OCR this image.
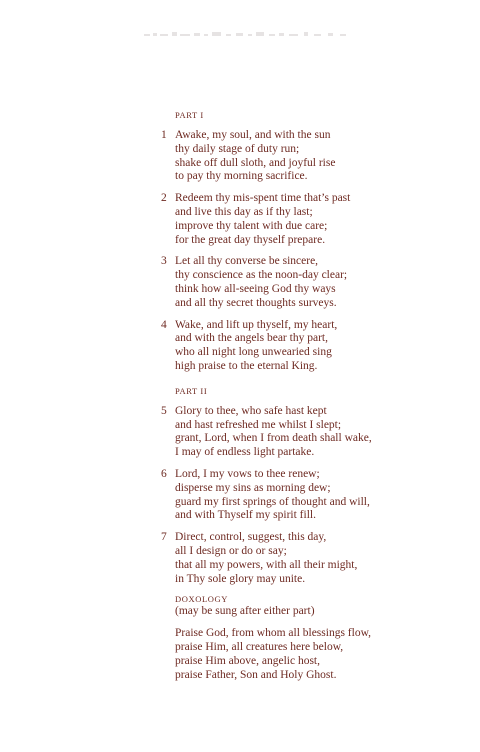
PART I
1 Awake, my soul, and with the sun
thy daily stage of duty run;
shake off dull sloth, and joyful rise
to pay thy morning sacrifice.
2 Redeem thy mis-spent time that’s past
and live this day as if thy last;
improve thy talent with due care;
for the great day thyself prepare.
3 Let all thy converse be sincere,
thy conscience as the noon-day clear;
think how all-seeing God thy ways
and all thy secret thoughts surveys.
4 Wake, and lift up thyself, my heart,
and with the angels bear thy part,
who all night long unwearied sing
high praise to the eternal King.
PART II
5 Glory to thee, who safe hast kept
and hast refreshed me whilst I slept;
grant, Lord, when I from death shall wake,
I may of endless light partake.
6 Lord, I my vows to thee renew;
disperse my sins as morning dew;
guard my first springs of thought and will,
and with Thyself my spirit fill.
7 Direct, control, suggest, this day,
all I design or do or say;
that all my powers, with all their might,
in Thy sole glory may unite.
DOXOLOGY
(may be sung after either part)
Praise God, from whom all blessings flow,
praise Him, all creatures here below,
praise Him above, angelic host,
praise Father, Son and Holy Ghost.
